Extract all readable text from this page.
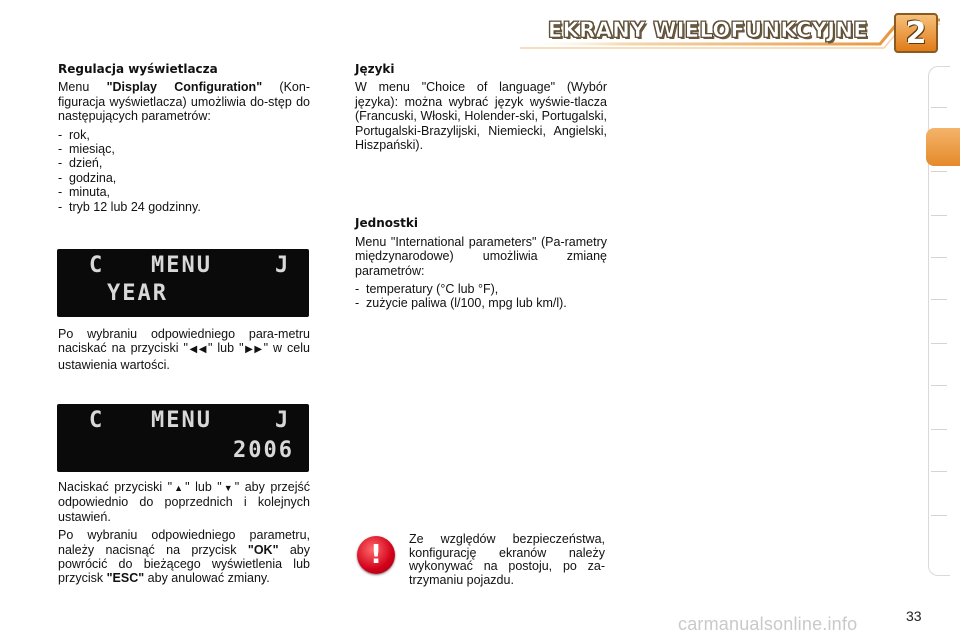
EKRANY WIELOFUNKCYJNE	2
Regulacja wyświetlacza
Menu "Display Configuration" (Kon-figuracja wyświetlacza) umożliwia do-stęp do następujących parametrów:
- rok,
- miesiąc,
- dzień,
- godzina,
- minuta,
- tryb 12 lub 24 godzinny.
C MENU	J
YEAR
Po wybraniu odpowiedniego para-metru naciskać na przyciski "◀◀" lub "▶▶" w celu ustawienia wartości.
C MENU	J
2006
Naciskać przyciski "▲" lub "▼" aby przejść odpowiednio do poprzednich i kolejnych ustawień.
Po wybraniu odpowiedniego parametru, należy nacisnąć na przycisk "OK" aby powrócić do bieżącego wyświetlenia lub przycisk "ESC" aby anulować zmiany.
Języki
W menu "Choice of language" (Wybór języka): można wybrać język wyświe-tlacza (Francuski, Włoski, Holender-ski, Portugalski, Portugalski-Brazylijski, Niemiecki, Angielski, Hiszpański).
Jednostki
Menu "International parameters" (Pa-rametry międzynarodowe) umożliwia zmianę parametrów:
- temperatury (°C lub °F),
- zużycie paliwa (l/100, mpg lub km/l).
!
Ze względów bezpieczeństwa, konfigurację ekranów należy wykonywać na postoju, po za-trzymaniu pojazdu.
carmanualsonline.info	33
